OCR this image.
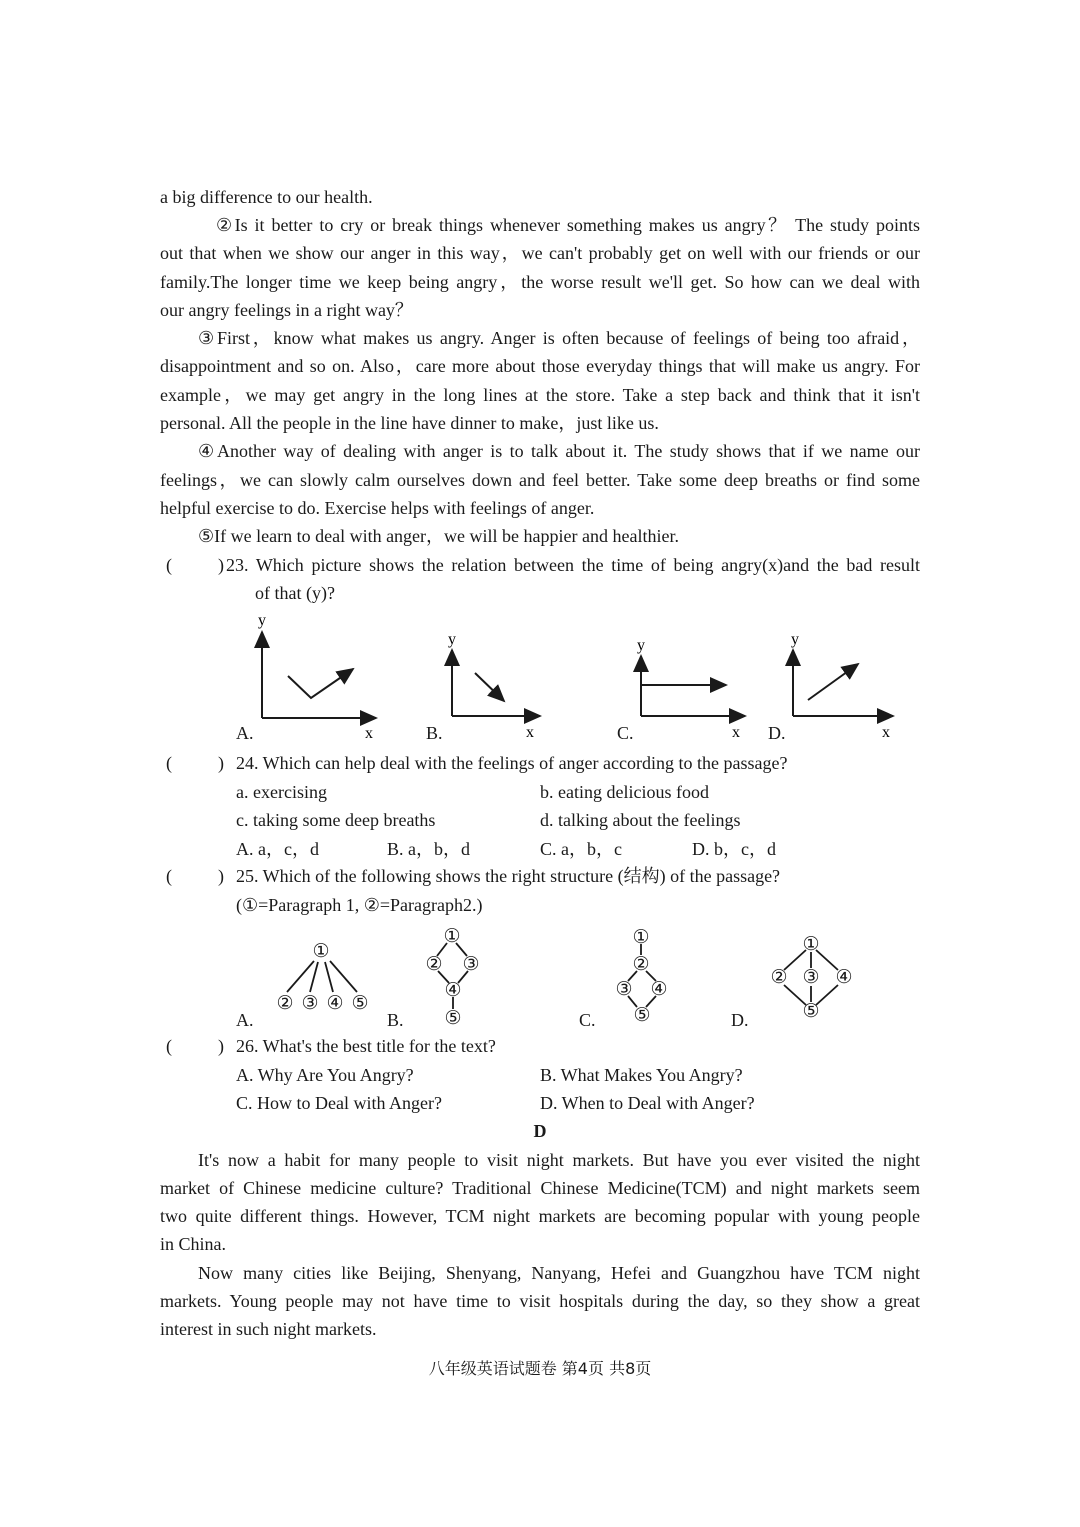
a big difference to our health.
②Is it better to cry or break things whenever something makes us angry？ The study points
out that when we show our anger in this way，we can't probably get on well with our friends or our
family.The longer time we keep being angry，the worse result we'll get. So how can we deal with
our angry feelings in a right way？
③First，know what makes us angry. Anger is often because of feelings of being too afraid，
disappointment and so on. Also，care more about those everyday things that will make us angry. For
example，we may get angry in the long lines at the store. Take a step back and think that it isn't
personal. All the people in the line have dinner to make，just like us.
④Another way of dealing with anger is to talk about it. The study shows that if we name our
feelings，we can slowly calm ourselves down and feel better. Take some deep breaths or find some
helpful exercise to do. Exercise helps with feelings of anger.
⑤If we learn to deal with anger，we will be happier and healthier.
(	) 23. Which picture shows the relation between the time of being angry(x)and the bad result
of that (y)?
y
x
y
x
y
x
y
x
A.	B.	C.	D.
(	) 24. Which can help deal with the feelings of anger according to the passage?
a. exercising	b. eating delicious food
c. taking some deep breaths	d. talking about the feelings
A. a，c，d	B. a，b，d	C. a，b，c	D. b，c，d
(	) 25. Which of the following shows the right structure (结构) of the passage?
(①=Paragraph 1, ②=Paragraph2.)
①
② ③ ④ ⑤
①
② ③
④
⑤
①
②
③ ④
⑤
①
② ③ ④
⑤
A.	B.	C.	D.
(	) 26. What's the best title for the text?
A. Why Are You Angry?	B. What Makes You Angry?
C. How to Deal with Anger?	D. When to Deal with Anger?
D
It's now a habit for many people to visit night markets. But have you ever visited the night
market of Chinese medicine culture? Traditional Chinese Medicine(TCM) and night markets seem
two quite different things. However, TCM night markets are becoming popular with young people
in China.
Now many cities like Beijing, Shenyang, Nanyang, Hefei and Guangzhou have TCM night
markets. Young people may not have time to visit hospitals during the day, so they show a great
interest in such night markets.
八年级英语试题卷 第4页 共8页
